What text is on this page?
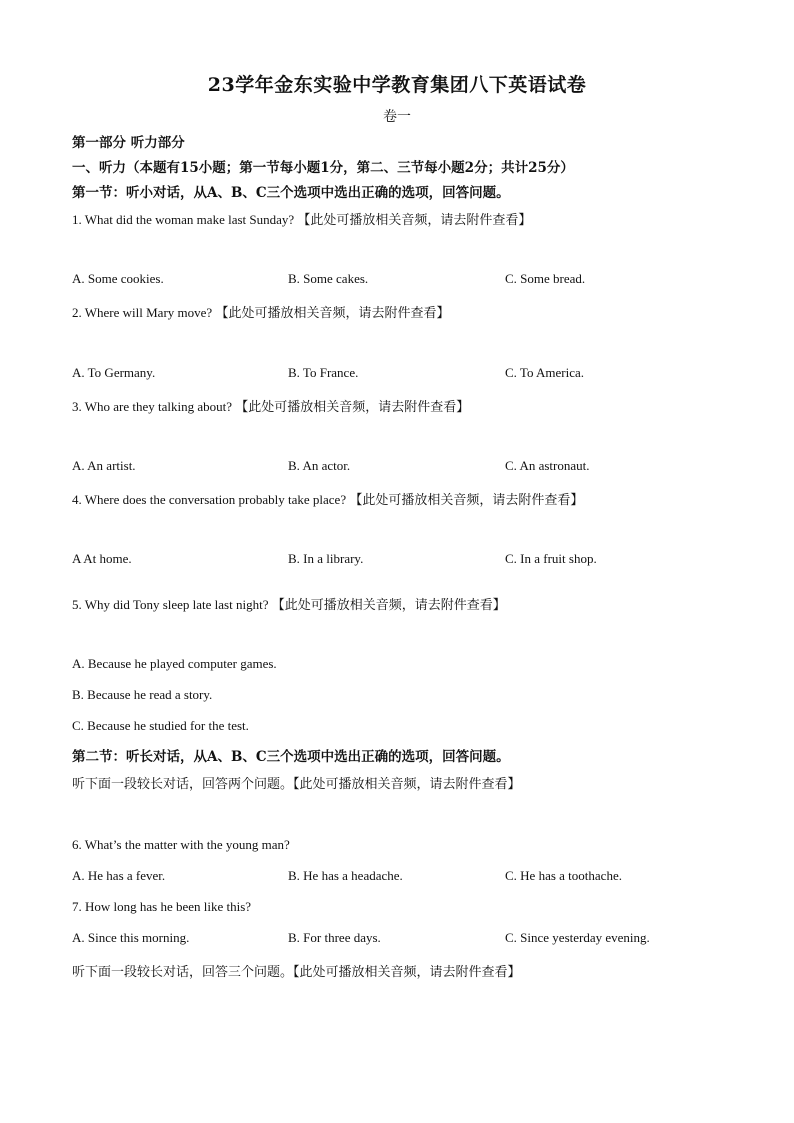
23学年金东实验中学教育集团八下英语试卷
卷一
第一部分 听力部分
一、听力（本题有15小题；第一节每小题1分，第二、三节每小题2分；共计25分）
第一节：听小对话，从A、B、C三个选项中选出正确的选项，回答问题。
1. What did the woman make last Sunday? 【此处可播放相关音频，请去附件查看】
A. Some cookies.	B. Some cakes.	C. Some bread.
2. Where will Mary move? 【此处可播放相关音频，请去附件查看】
A. To Germany.	B. To France.	C. To America.
3. Who are they talking about? 【此处可播放相关音频，请去附件查看】
A. An artist.	B. An actor.	C. An astronaut.
4. Where does the conversation probably take place? 【此处可播放相关音频，请去附件查看】
A At home.	B. In a library.	C. In a fruit shop.
5. Why did Tony sleep late last night? 【此处可播放相关音频，请去附件查看】
A. Because he played computer games.
B. Because he read a story.
C. Because he studied for the test.
第二节：听长对话，从A、B、C三个选项中选出正确的选项，回答问题。
听下面一段较长对话，回答两个问题。【此处可播放相关音频，请去附件查看】
6. What’s the matter with the young man?
A. He has a fever.	B. He has a headache.	C. He has a toothache.
7. How long has he been like this?
A. Since this morning.	B. For three days.	C. Since yesterday evening.
听下面一段较长对话，回答三个问题。【此处可播放相关音频，请去附件查看】
